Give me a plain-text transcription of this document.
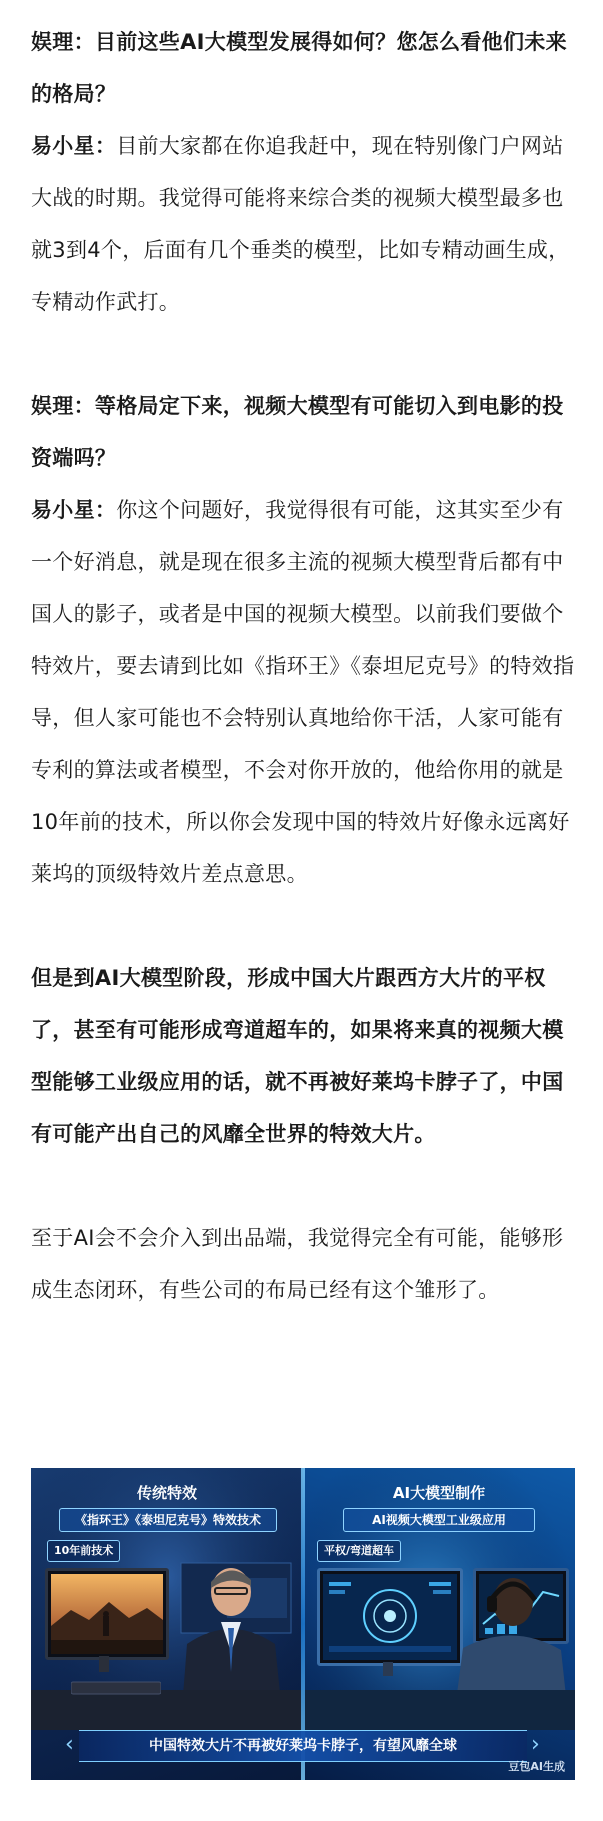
娱理：目前这些AI大模型发展得如何？您怎么看他们未来的格局？

易小星：目前大家都在你追我赶中，现在特别像门户网站大战的时期。我觉得可能将来综合类的视频大模型最多也就3到4个，后面有几个垂类的模型，比如专精动画生成，专精动作武打。

娱理：等格局定下来，视频大模型有可能切入到电影的投资端吗？

易小星：你这个问题好，我觉得很有可能，这其实至少有一个好消息，就是现在很多主流的视频大模型背后都有中国人的影子，或者是中国的视频大模型。以前我们要做个特效片，要去请到比如《指环王》《泰坦尼克号》的特效指导，但人家可能也不会特别认真地给你干活，人家可能有专利的算法或者模型，不会对你开放的，他给你用的就是10年前的技术，所以你会发现中国的特效片好像永远离好莱坞的顶级特效片差点意思。

但是到AI大模型阶段，形成中国大片跟西方大片的平权了，甚至有可能形成弯道超车的，如果将来真的视频大模型能够工业级应用的话，就不再被好莱坞卡脖子了，中国有可能产出自己的风靡全世界的特效大片。

至于AI会不会介入到出品端，我觉得完全有可能，能够形成生态闭环，有些公司的布局已经有这个雏形了。

传统特效
《指环王》《泰坦尼克号》特效技术
10年前技术
AI大模型制作
AI视频大模型工业级应用
平权/弯道超车
‹	中国特效大片不再被好莱坞卡脖子，有望风靡全球	›
豆包AI生成
